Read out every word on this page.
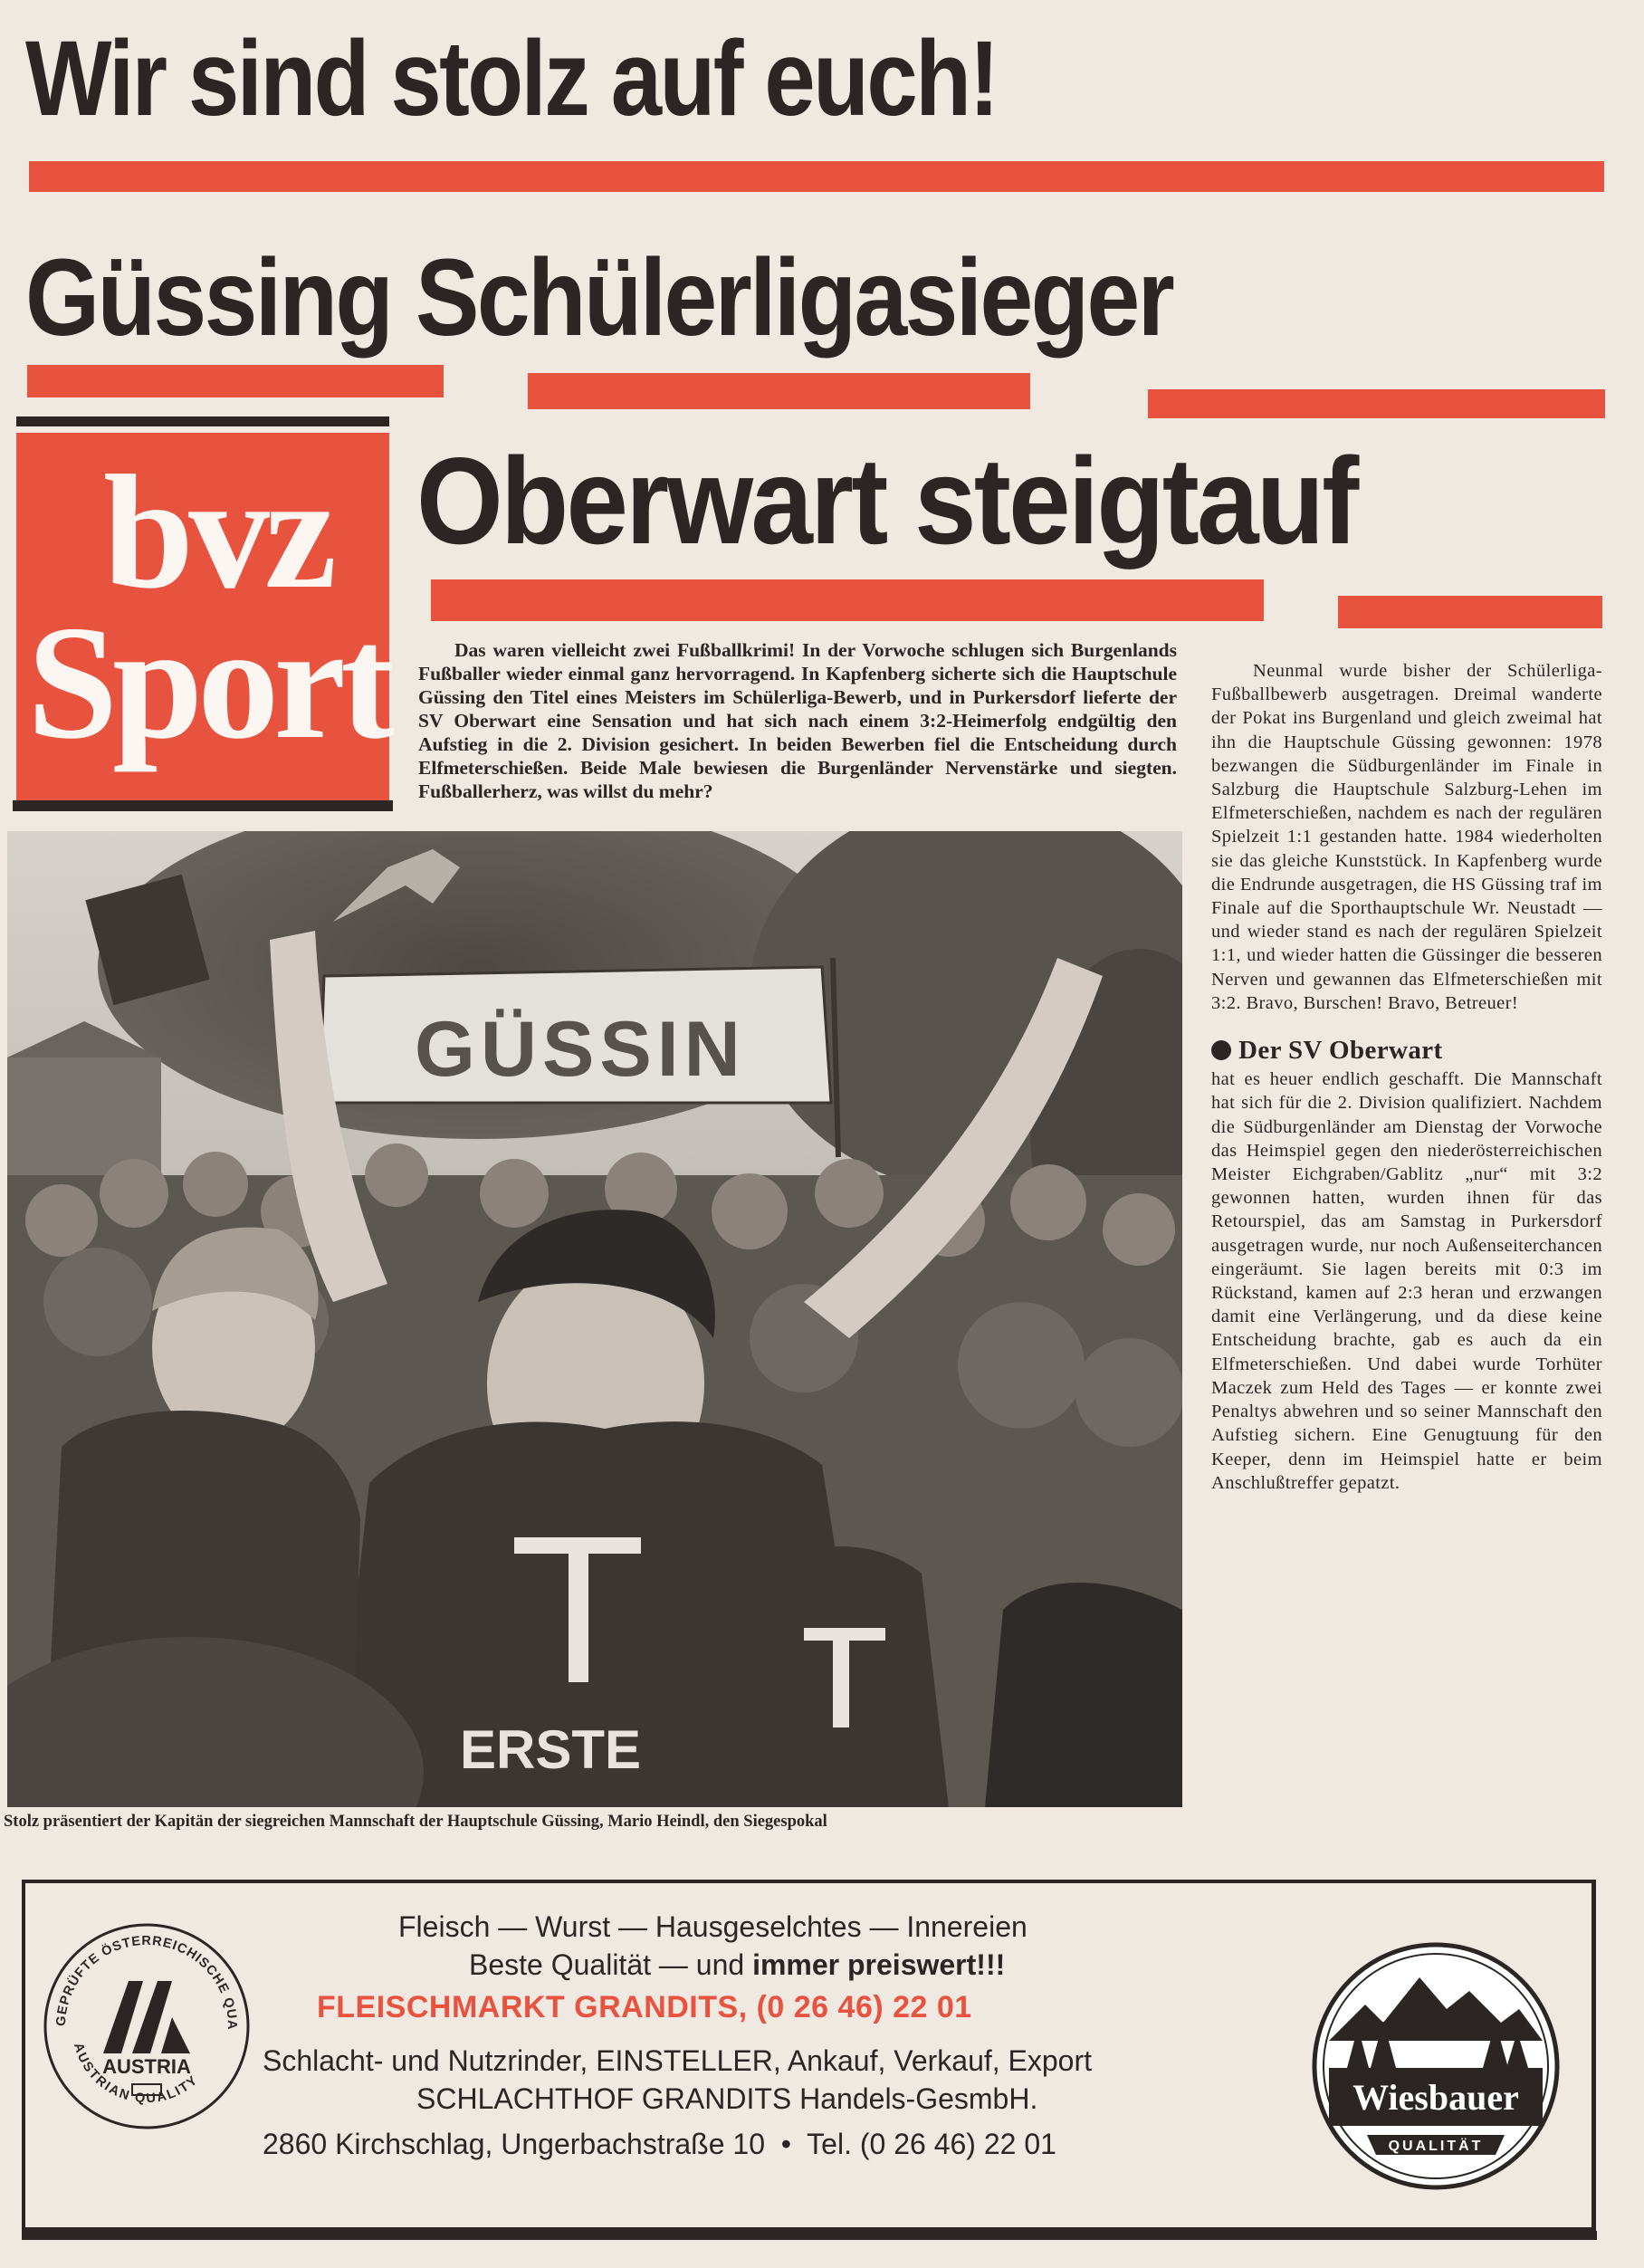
Wir sind stolz auf euch!
Güssing Schülerligasieger
bvz
Sport
Oberwart steigtauf
Das waren vielleicht zwei Fußballkrimi! In der Vorwoche schlugen sich Burgenlands Fußballer wieder einmal ganz hervorragend. In Kapfenberg sicherte sich die Hauptschule Güssing den Titel eines Meisters im Schülerliga-Bewerb, und in Purkersdorf lieferte der SV Oberwart eine Sensation und hat sich nach einem 3:2-Heimerfolg endgültig den Aufstieg in die 2. Division gesichert. In beiden Bewerben fiel die Entscheidung durch Elfmeterschießen. Beide Male bewiesen die Burgenländer Nervenstärke und siegten. Fußballerherz, was willst du mehr?

Neunmal wurde bisher der Schülerliga-Fußballbewerb ausgetragen. Dreimal wanderte der Pokat ins Burgenland und gleich zweimal hat ihn die Hauptschule Güssing gewonnen: 1978 bezwangen die Südburgenländer im Finale in Salzburg die Hauptschule Salzburg-Lehen im Elfmeterschießen, nachdem es nach der regulären Spielzeit 1:1 gestanden hatte. 1984 wiederholten sie das gleiche Kunststück. In Kapfenberg wurde die Endrunde ausgetragen, die HS Güssing traf im Finale auf die Sporthauptschule Wr. Neustadt — und wieder stand es nach der regulären Spielzeit 1:1, und wieder hatten die Güssinger die besseren Nerven und gewannen das Elfmeterschießen mit 3:2. Bravo, Burschen! Bravo, Betreuer!

Der SV Oberwart

hat es heuer endlich geschafft. Die Mannschaft hat sich für die 2. Division qualifiziert. Nachdem die Südburgenländer am Dienstag der Vorwoche das Heimspiel gegen den niederösterreichischen Meister Eichgraben/Gablitz „nur“ mit 3:2 gewonnen hatten, wurden ihnen für das Retourspiel, das am Samstag in Purkersdorf ausgetragen wurde, nur noch Außenseiterchancen eingeräumt. Sie lagen bereits mit 0:3 im Rückstand, kamen auf 2:3 heran und erzwangen damit eine Verlängerung, und da diese keine Entscheidung brachte, gab es auch da ein Elfmeterschießen. Und dabei wurde Torhüter Maczek zum Held des Tages — er konnte zwei Penaltys abwehren und so seiner Mannschaft den Aufstieg sichern. Eine Genugtuung für den Keeper, denn im Heimspiel hatte er beim Anschlußtreffer gepatzt.

GÜSSIN
ERSTE
Stolz präsentiert der Kapitän der siegreichen Mannschaft der Hauptschule Güssing, Mario Heindl, den Siegespokal
GEPRÜFTE ÖSTERREICHISCHE QUA
AUSTRIAN QUALITY
AUSTRIA
Fleisch — Wurst — Hausgeselchtes — Innereien
Beste Qualität — und immer preiswert!!!
FLEISCHMARKT GRANDITS, (0 26 46) 22 01
Schlacht- und Nutzrinder, EINSTELLER, Ankauf, Verkauf, Export
SCHLACHTHOF GRANDITS Handels-GesmbH.
2860 Kirchschlag, Ungerbachstraße 10  •  Tel. (0 26 46) 22 01
Wiesbauer
QUALITÄT
